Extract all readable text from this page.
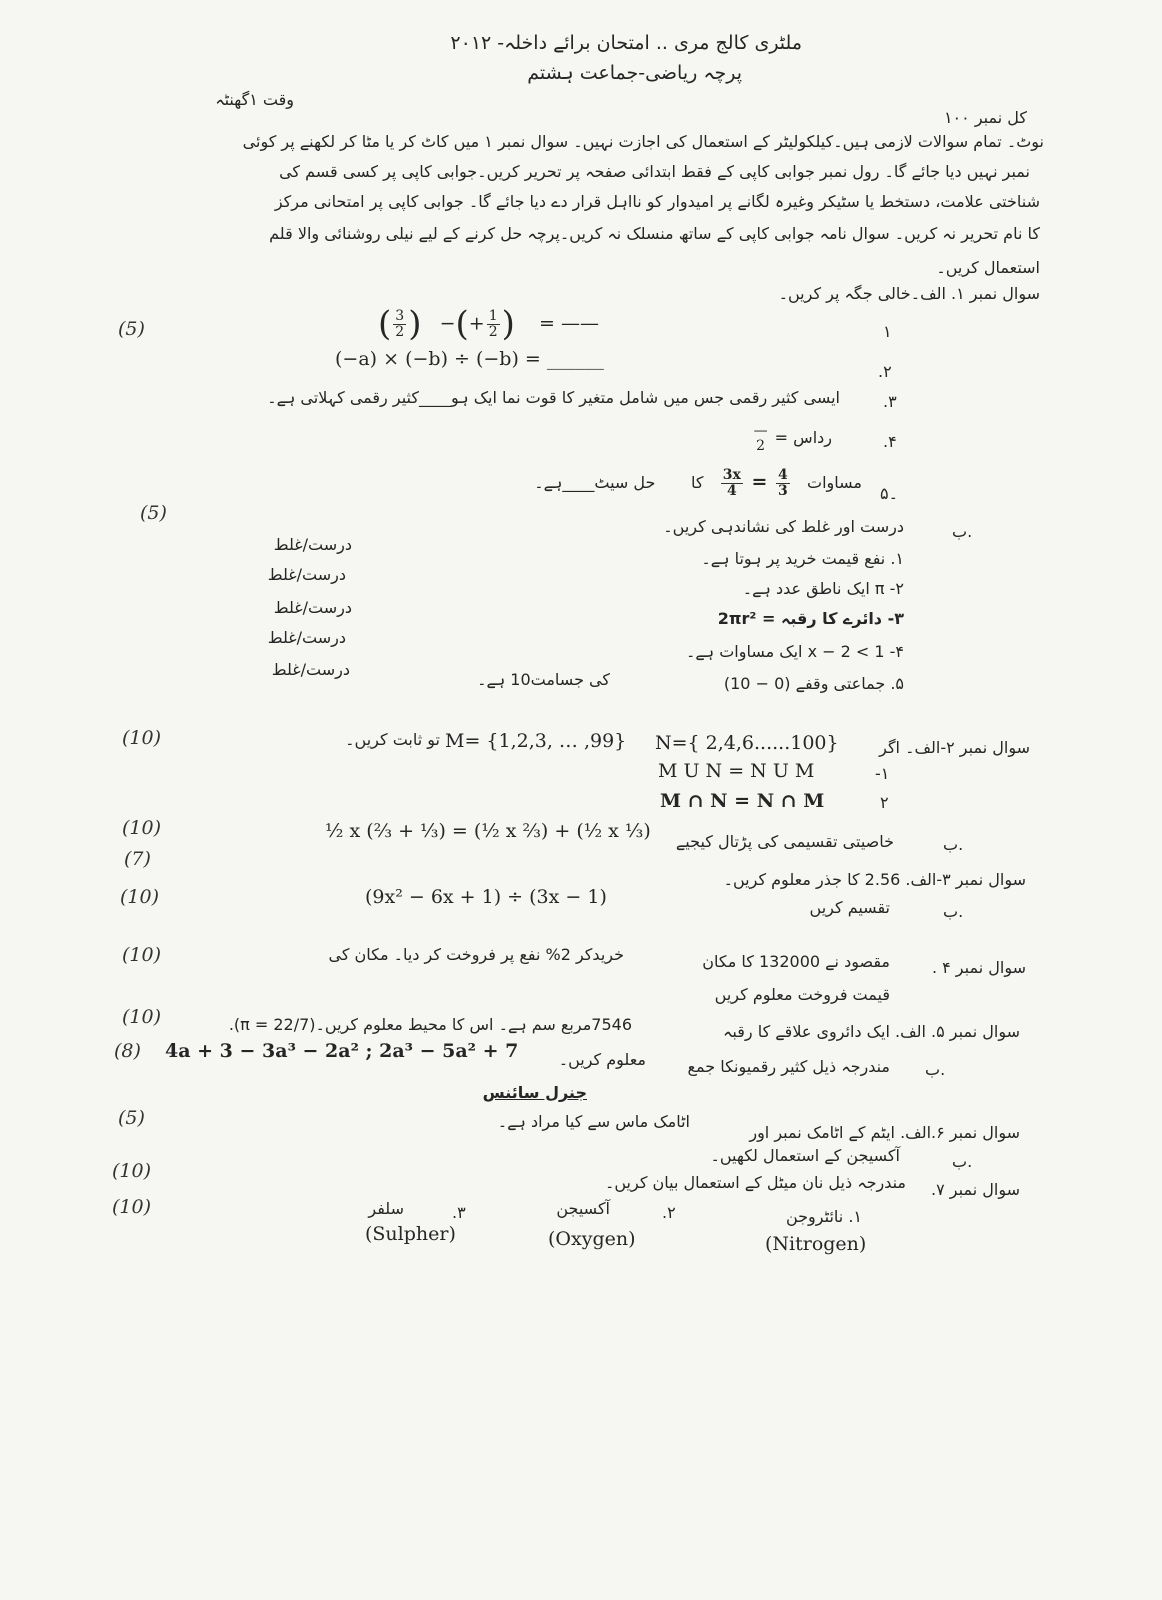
ملٹری کالج مری .. امتحان برائے داخلہ- ۲۰۱۲
پرچہ ریاضی-جماعت ہشتم
وقت ۱گھنٹہ
کل نمبر ۱۰۰
نوٹ۔ تمام سوالات لازمی ہیں۔کیلکولیٹر کے استعمال کی اجازت نہیں۔ سوال نمبر ۱ میں کاٹ کر یا مٹا کر لکھنے پر کوئی
نمبر نہیں دیا جائے گا۔ رول نمبر جوابی کاپی کے فقط ابتدائی صفحہ پر تحریر کریں۔جوابی کاپی پر کسی قسم کی
شناختی علامت، دستخط یا سٹیکر وغیرہ لگانے پر امیدوار کو نااہل قرار دے دیا جائے گا۔ جوابی کاپی پر امتحانی مرکز
کا نام تحریر نہ کریں۔ سوال نامہ جوابی کاپی کے ساتھ منسلک نہ کریں۔پرچہ حل کرنے کے لیے نیلی روشنائی والا قلم
استعمال کریں۔
(5)
(5)
(10)
(10)
(7)
(10)
(10)
(10)
(8)
(5)
(10)
(10)
سوال نمبر ۱. الف۔خالی جگہ پر کریں۔
۱
( $\frac{3}{2}$ )   −(+ $\frac{1}{2}$ ) = ——
.۲
(−a) × (−b) ÷ (−b) = ______
.۳
ایسی کثیر رقمی جس میں شامل متغیر کا قوت نما ایک ہو____کثیر رقمی کہلاتی ہے۔
.۴
رداس =
—
2
۔۵
مساوات
$\frac{3x}{4} = \frac{4}{3}$
کا       حل سیٹ____ہے۔
ب.
درست اور غلط کی نشاندہی کریں۔
۱. نفع قیمت خرید پر ہوتا ہے۔
۲- π ایک ناطق عدد ہے۔
۳- دائرے کا رقبہ = 2πr²
۴- x − 2 < 1 ایک مساوات ہے۔
۵. جماعتی وقفے (0 − 10)
کی جسامت10 ہے۔
درست/غلط
درست/غلط
درست/غلط
درست/غلط
درست/غلط
سوال نمبر ۲-الف۔ اگر
N={ 2,4,6......100}
M= {1,2,3, … ,99}
تو ثابت کریں۔
-۱
M U N = N U M
۲
M ∩ N = N ∩ M
ب.
خاصیتی تقسیمی کی پڑتال کیجیے
½ x (⅔ + ⅓) = (½ x ⅔) + (½ x ⅓)
سوال نمبر ۳-الف. 2.56 کا جذر معلوم کریں۔
ب.
تقسیم کریں
(9x² − 6x + 1) ÷ (3x − 1)
سوال نمبر ۴ .
مقصود نے 132000 کا مکان
خریدکر 2% نفع پر فروخت کر دیا۔ مکان کی
قیمت فروخت معلوم کریں
سوال نمبر ۵. الف. ایک دائروی علاقے کا رقبہ
7546مربع سم ہے۔ اس کا محیط معلوم کریں۔(π = 22/7).
ب.
مندرجہ ذیل کثیر رقمیونکا جمع
معلوم کریں۔
4a + 3 − 3a³ − 2a² ; 2a³ − 5a² + 7
جنرل سائنس
سوال نمبر ۶.الف. ایٹم کے اٹامک نمبر اور
اٹامک ماس سے کیا مراد ہے۔
ب.
آکسیجن کے استعمال لکھیں۔
سوال نمبر ۷.
مندرجہ ذیل نان میٹل کے استعمال بیان کریں۔
۱. نائٹروجن
(Nitrogen)
.۲
آکسیجن
(Oxygen)
.۳
سلفر
(Sulpher)
